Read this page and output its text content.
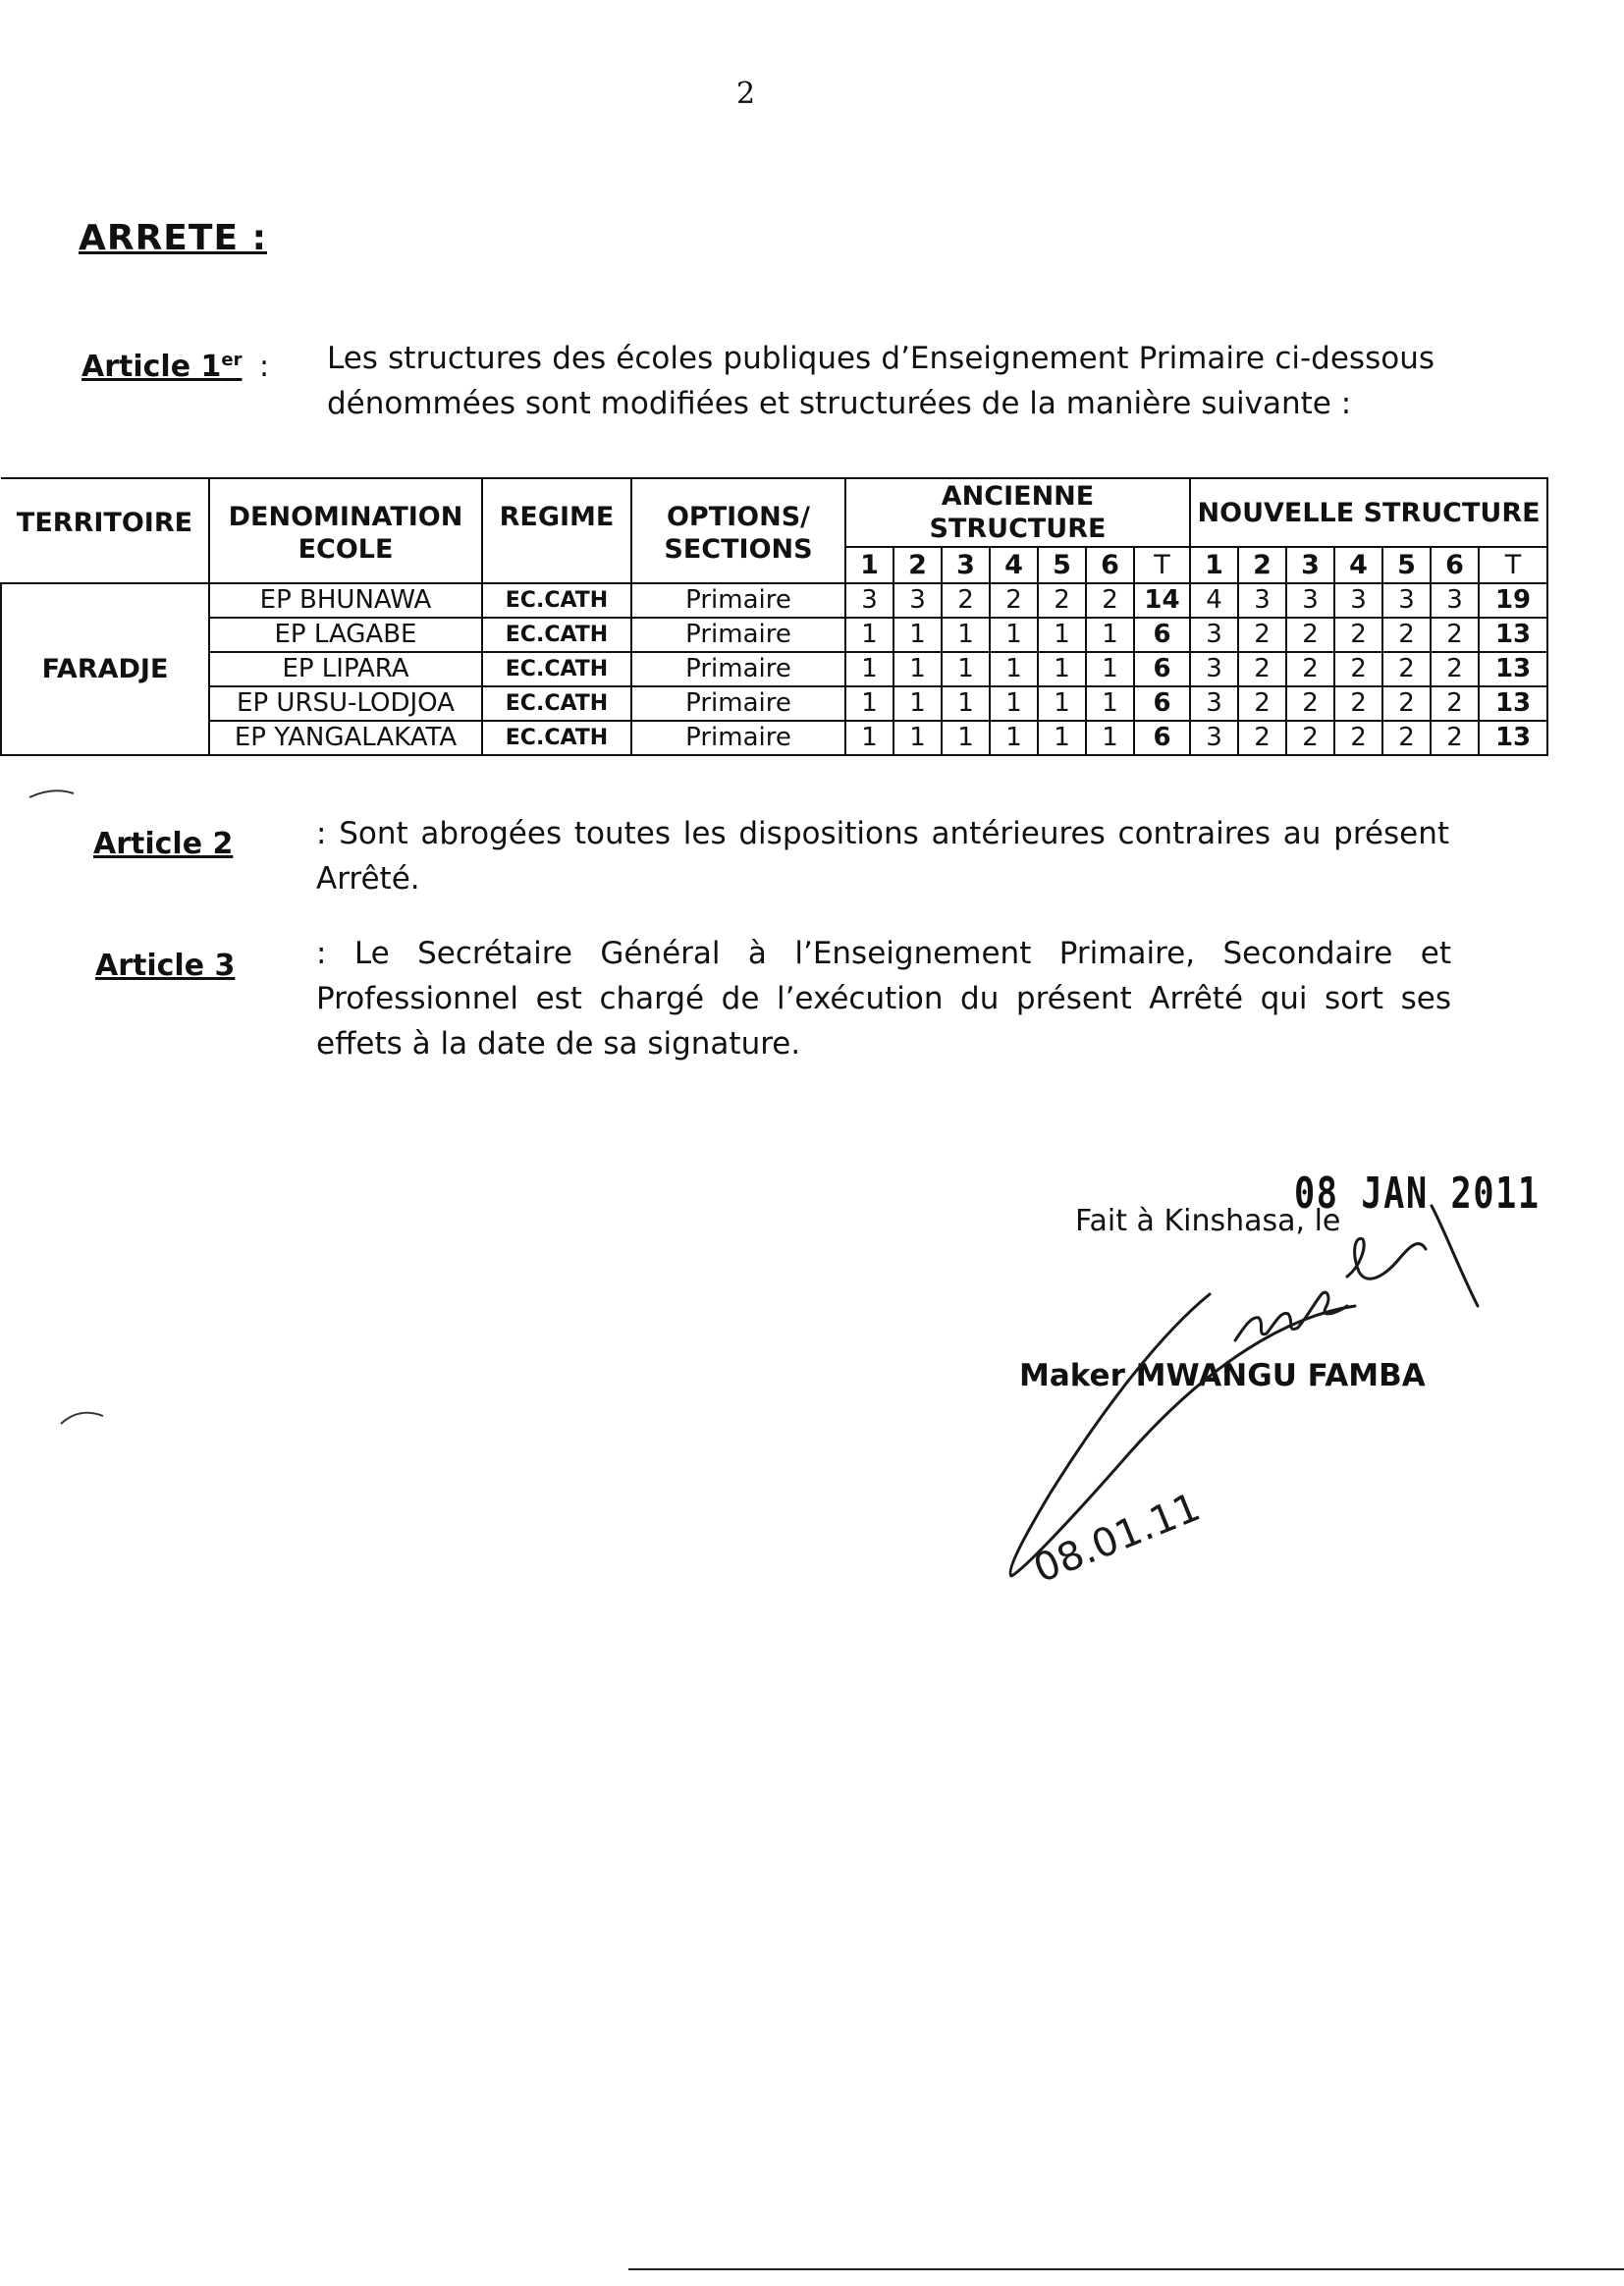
2
ARRETE :
Article 1er : Les structures des écoles publiques d’Enseignement Primaire ci-dessous dénommées sont modifiées et structurées de la manière suivante :
TERRITOIRE	DENOMINATION ECOLE	REGIME	OPTIONS/ SECTIONS	ANCIENNE STRUCTURE							NOUVELLE STRUCTURE						
				1	2	3	4	5	6	T	1	2	3	4	5	6	T
FARADJE	EP BHUNAWA	EC.CATH	Primaire	3	3	2	2	2	2	14	4	3	3	3	3	3	19
	EP LAGABE	EC.CATH	Primaire	1	1	1	1	1	1	6	3	2	2	2	2	2	13
	EP LIPARA	EC.CATH	Primaire	1	1	1	1	1	1	6	3	2	2	2	2	2	13
	EP URSU-LODJOA	EC.CATH	Primaire	1	1	1	1	1	1	6	3	2	2	2	2	2	13
	EP YANGALAKATA	EC.CATH	Primaire	1	1	1	1	1	1	6	3	2	2	2	2	2	13
Article 2	: Sont abrogées toutes les dispositions antérieures contraires au présent Arrêté.
Article 3	: Le Secrétaire Général à l’Enseignement Primaire, Secondaire et Professionnel est chargé de l’exécution du présent Arrêté qui sort ses effets à la date de sa signature.
Fait à Kinshasa, le
08 JAN 2011
Maker MWANGU FAMBA
08.01.11
